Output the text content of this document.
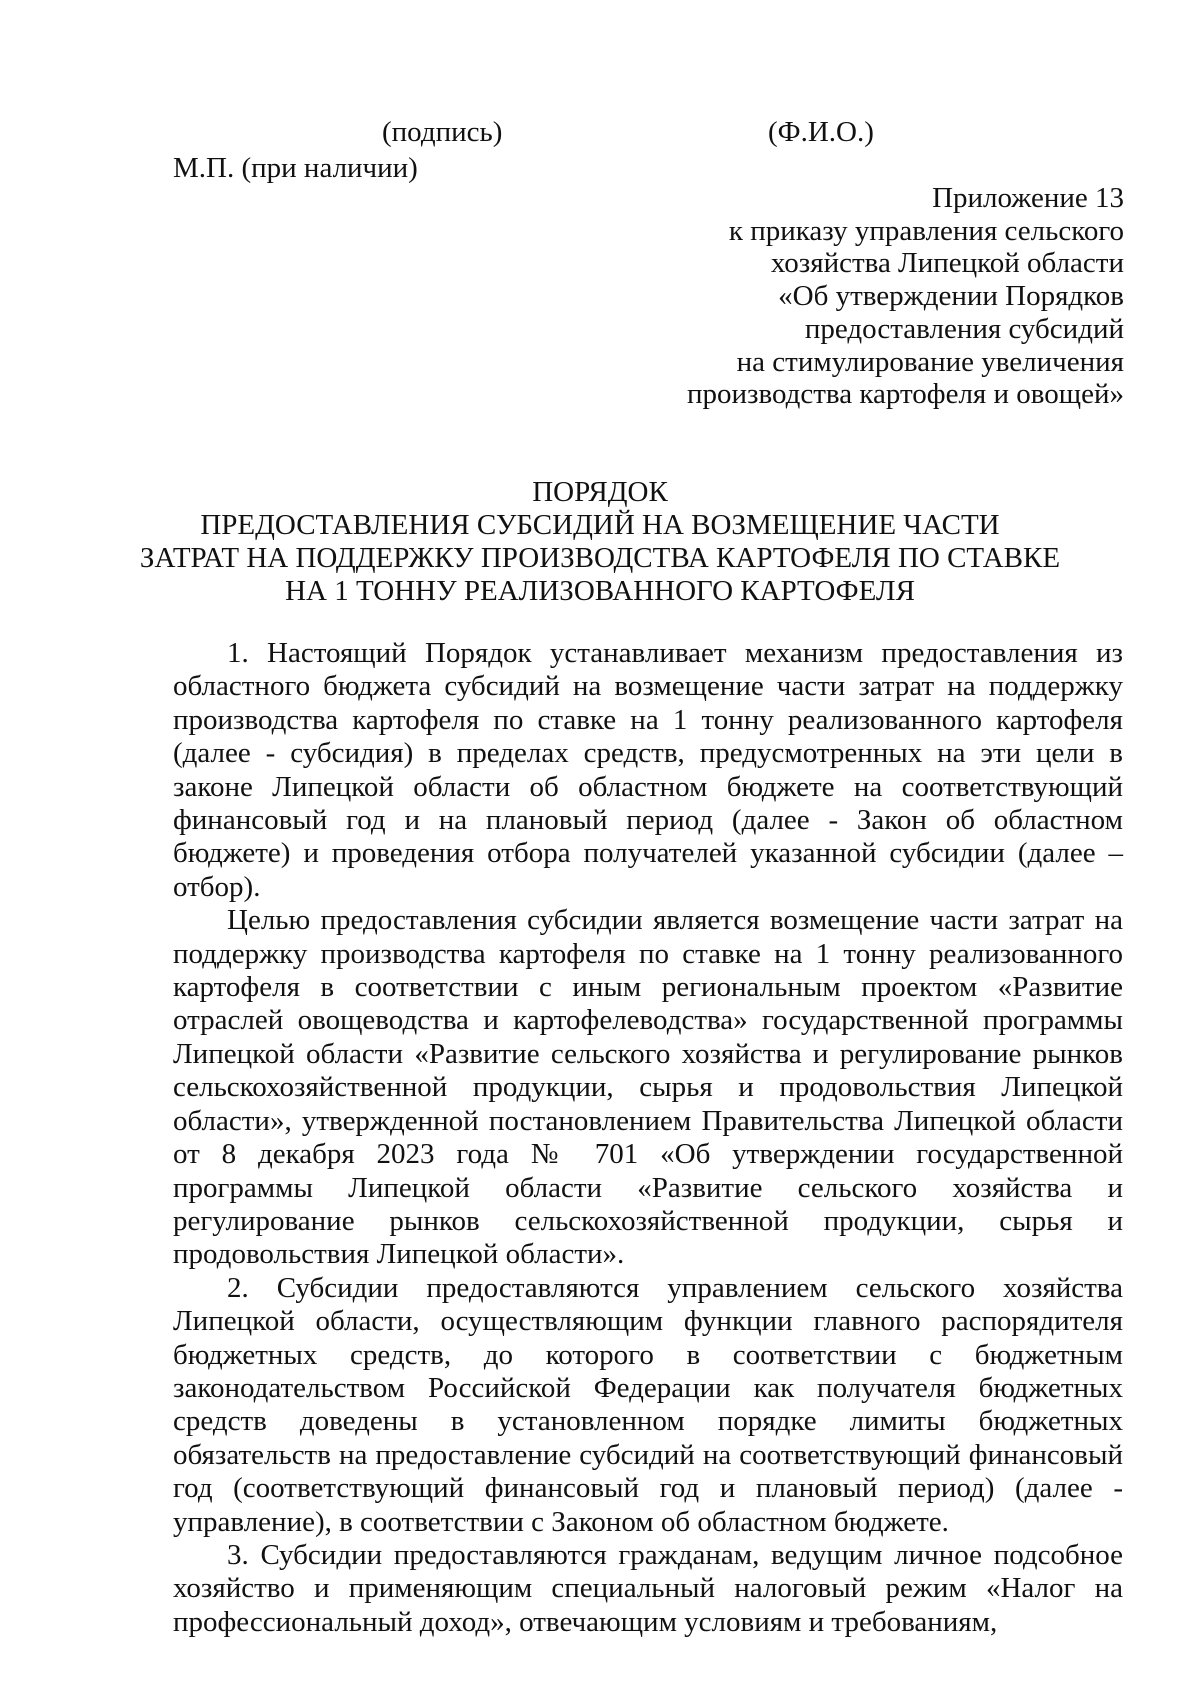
(подпись)	(Ф.И.О.)
М.П. (при наличии)
Приложение 13
к приказу управления сельского
хозяйства Липецкой области
«Об утверждении Порядков
предоставления субсидий
на стимулирование увеличения
производства картофеля и овощей»
ПОРЯДОК
ПРЕДОСТАВЛЕНИЯ СУБСИДИЙ НА ВОЗМЕЩЕНИЕ ЧАСТИ
ЗАТРАТ НА ПОДДЕРЖКУ ПРОИЗВОДСТВА КАРТОФЕЛЯ ПО СТАВКЕ
НА 1 ТОННУ РЕАЛИЗОВАННОГО КАРТОФЕЛЯ

1. Настоящий Порядок устанавливает механизм предоставления из областного бюджета субсидий на возмещение части затрат на поддержку производства картофеля по ставке на 1 тонну реализованного картофеля (далее - субсидия) в пределах средств, предусмотренных на эти цели в законе Липецкой области об областном бюджете на соответствующий финансовый год и на плановый период (далее - Закон об областном бюджете) и проведения отбора получателей указанной субсидии (далее – отбор).

Целью предоставления субсидии является возмещение части затрат на поддержку производства картофеля по ставке на 1 тонну реализованного картофеля в соответствии с иным региональным проектом «Развитие отраслей овощеводства и картофелеводства» государственной программы Липецкой области «Развитие сельского хозяйства и регулирование рынков сельскохозяйственной продукции, сырья и продовольствия Липецкой области», утвержденной постановлением Правительства Липецкой области от 8 декабря 2023 года № 701 «Об утверждении государственной программы Липецкой области «Развитие сельского хозяйства и регулирование рынков сельскохозяйственной продукции, сырья и продовольствия Липецкой области».

2. Субсидии предоставляются управлением сельского хозяйства Липецкой области, осуществляющим функции главного распорядителя бюджетных средств, до которого в соответствии с бюджетным законодательством Российской Федерации как получателя бюджетных средств доведены в установленном порядке лимиты бюджетных обязательств на предоставление субсидий на соответствующий финансовый год (соответствующий финансовый год и плановый период) (далее - управление), в соответствии с Законом об областном бюджете.

3. Субсидии предоставляются гражданам, ведущим личное подсобное хозяйство и применяющим специальный налоговый режим «Налог на профессиональный доход», отвечающим условиям и требованиям,
